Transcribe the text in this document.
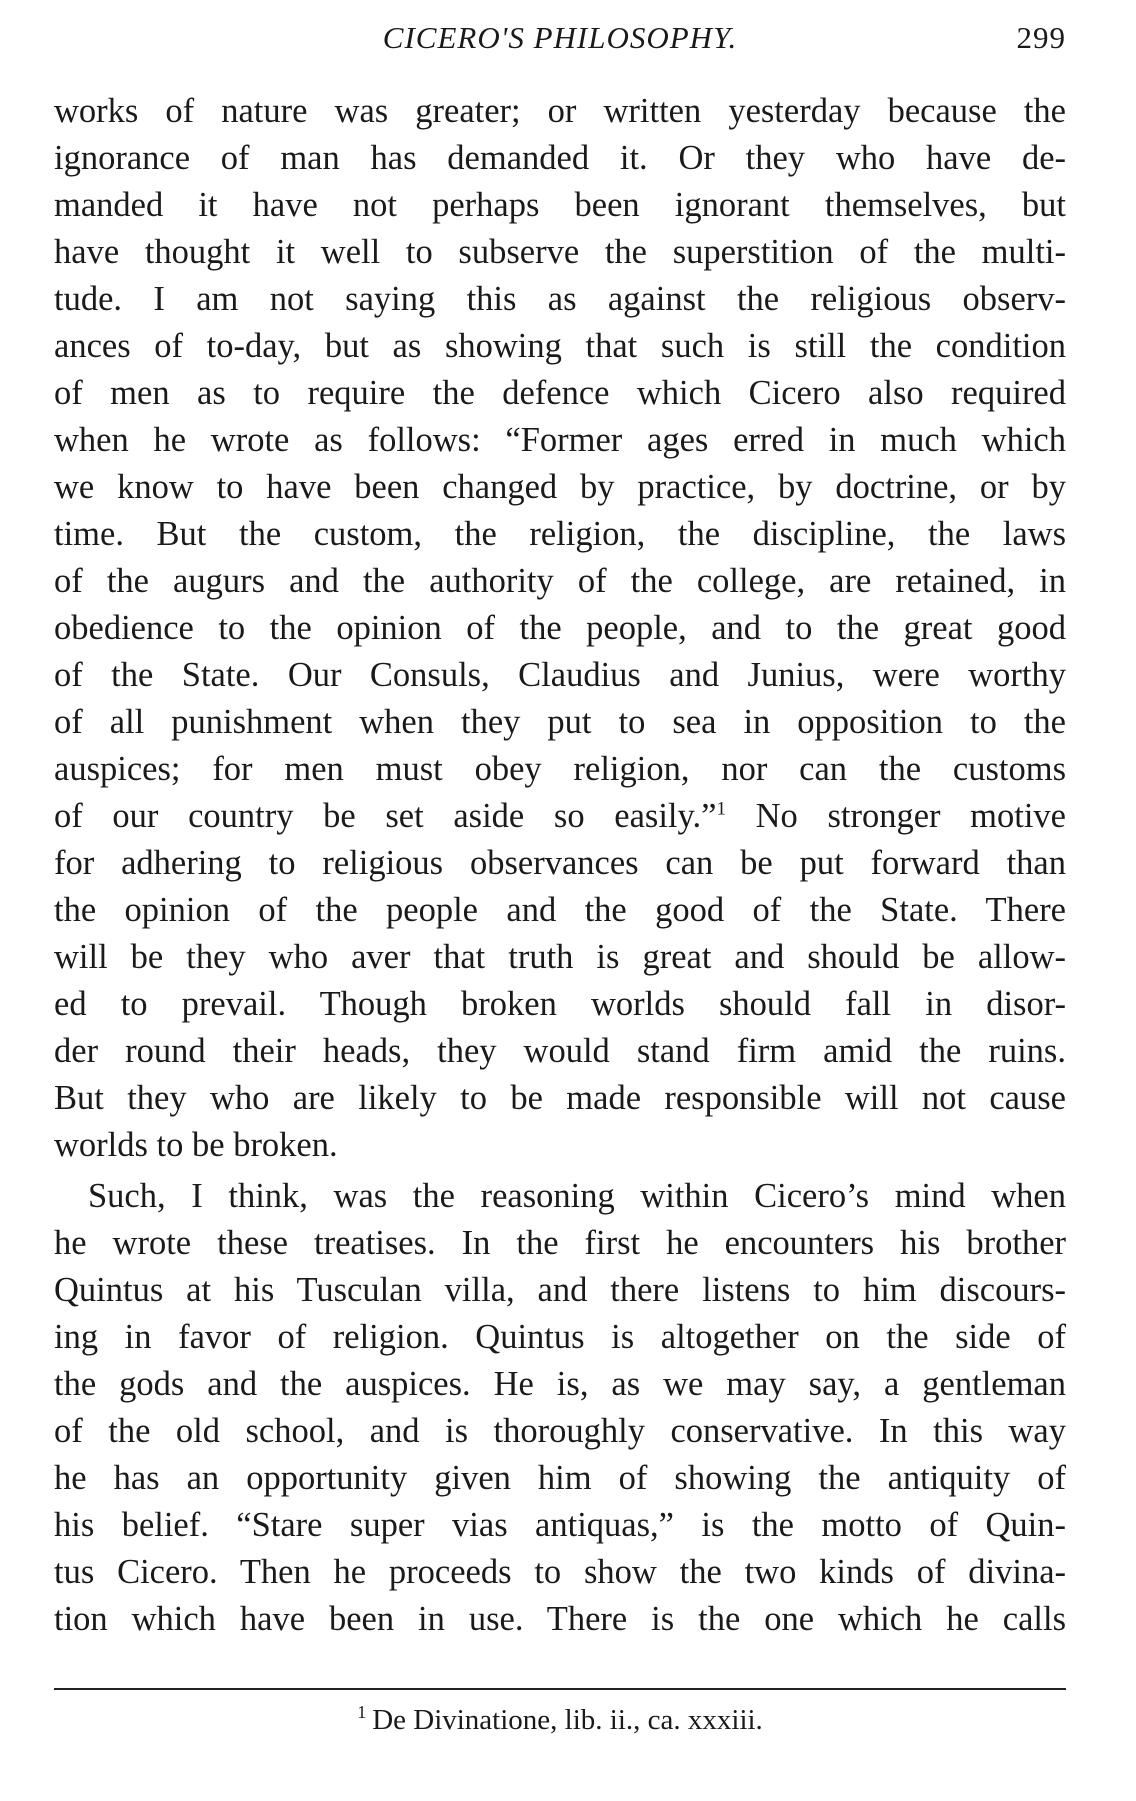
CICERO'S PHILOSOPHY.	299
works of nature was greater; or written yesterday because the
ignorance of man has demanded it. Or they who have de-
manded it have not perhaps been ignorant themselves, but
have thought it well to subserve the superstition of the multi-
tude. I am not saying this as against the religious observ-
ances of to-day, but as showing that such is still the condition
of men as to require the defence which Cicero also required
when he wrote as follows: “Former ages erred in much which
we know to have been changed by practice, by doctrine, or by
time. But the custom, the religion, the discipline, the laws
of the augurs and the authority of the college, are retained, in
obedience to the opinion of the people, and to the great good
of the State. Our Consuls, Claudius and Junius, were worthy
of all punishment when they put to sea in opposition to the
auspices; for men must obey religion, nor can the customs
of our country be set aside so easily.”$^1$ No stronger motive
for adhering to religious observances can be put forward than
the opinion of the people and the good of the State. There
will be they who aver that truth is great and should be allow-
ed to prevail. Though broken worlds should fall in disor-
der round their heads, they would stand firm amid the ruins.
But they who are likely to be made responsible will not cause
worlds to be broken.
Such, I think, was the reasoning within Cicero’s mind when
he wrote these treatises. In the first he encounters his brother
Quintus at his Tusculan villa, and there listens to him discours-
ing in favor of religion. Quintus is altogether on the side of
the gods and the auspices. He is, as we may say, a gentleman
of the old school, and is thoroughly conservative. In this way
he has an opportunity given him of showing the antiquity of
his belief. “Stare super vias antiquas,” is the motto of Quin-
tus Cicero. Then he proceeds to show the two kinds of divina-
tion which have been in use. There is the one which he calls
$^1$ De Divinatione, lib. ii., ca. xxxiii.
